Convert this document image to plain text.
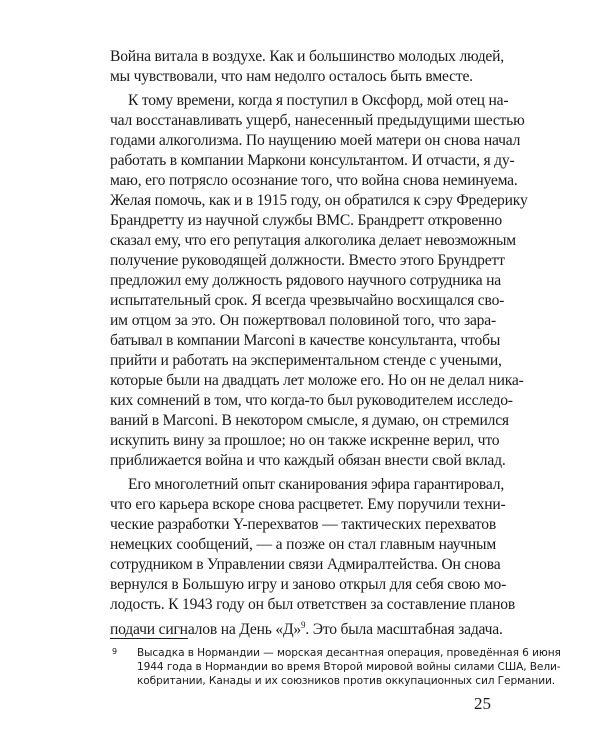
Война витала в воздухе. Как и большинство молодых людей,
мы чувствовали, что нам недолго осталось быть вместе.
К тому времени, когда я поступил в Оксфорд, мой отец на-
чал восстанавливать ущерб, нанесенный предыдущими шестью
годами алкоголизма. По наущению моей матери он снова начал
работать в компании Маркони консультантом. И отчасти, я ду-
маю, его потрясло осознание того, что война снова неминуема.
Желая помочь, как и в 1915 году, он обратился к сэру Фредерику
Брандретту из научной службы ВМС. Брандретт откровенно
сказал ему, что его репутация алкоголика делает невозможным
получение руководящей должности. Вместо этого Брундретт
предложил ему должность рядового научного сотрудника на
испытательный срок. Я всегда чрезвычайно восхищался сво-
им отцом за это. Он пожертвовал половиной того, что зара-
батывал в компании Marconi в качестве консультанта, чтобы
прийти и работать на экспериментальном стенде с учеными,
которые были на двадцать лет моложе его. Но он не делал ника-
ких сомнений в том, что когда-то был руководителем исследо-
ваний в Marconi. В некотором смысле, я думаю, он стремился
искупить вину за прошлое; но он также искренне верил, что
приближается война и что каждый обязан внести свой вклад.
Его многолетний опыт сканирования эфира гарантировал,
что его карьера вскоре снова расцветет. Ему поручили техни-
ческие разработки Y-перехватов — тактических перехватов
немецких сообщений, — а позже он стал главным научным
сотрудником в Управлении связи Адмиралтейства. Он снова
вернулся в Большую игру и заново открыл для себя свою мо-
лодость. К 1943 году он был ответствен за составление планов
подачи сигналов на День «Д»$^9$. Это была масштабная задача.
9 Высадка в Нормандии — морская десантная операция, проведённая 6 июня
1944 года в Нормандии во время Второй мировой войны силами США, Вели-
кобритании, Канады и их союзников против оккупационных сил Германии.
25
